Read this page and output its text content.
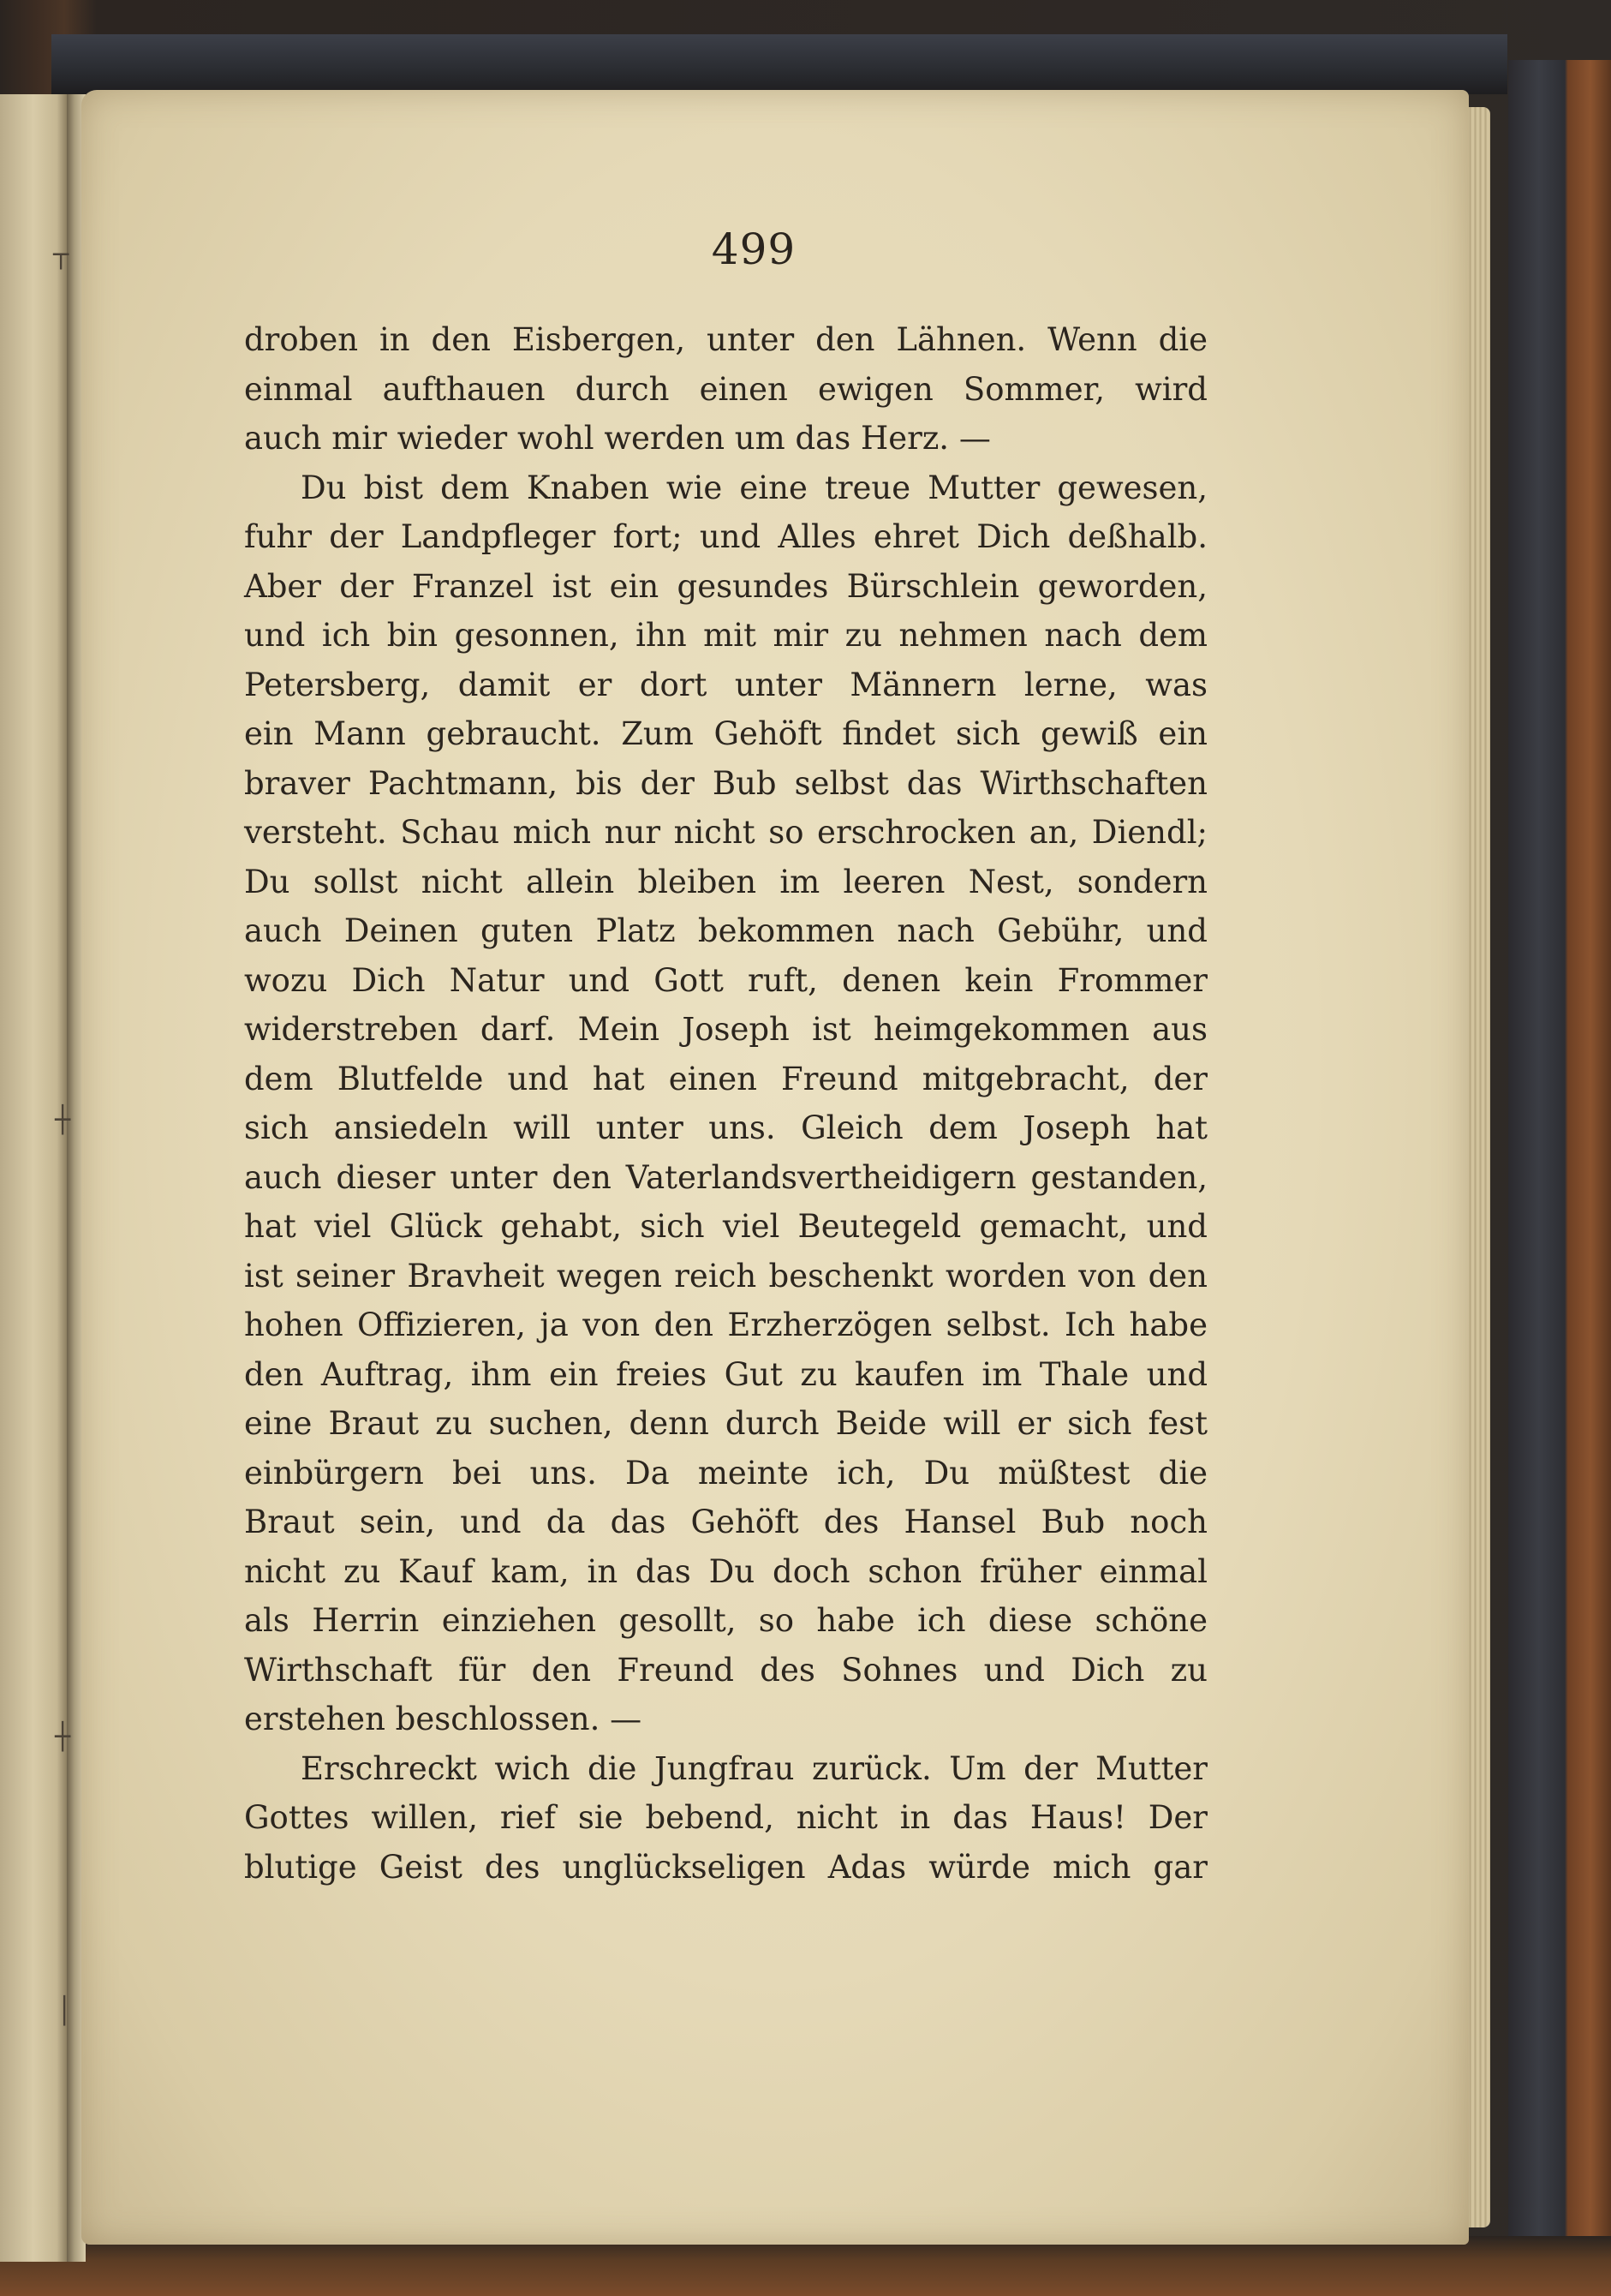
┬
┼
┼
│
499
droben in den Eisbergen, unter den Lähnen. Wenn die
einmal aufthauen durch einen ewigen Sommer, wird
auch mir wieder wohl werden um das Herz. —
Du bist dem Knaben wie eine treue Mutter gewesen,
fuhr der Landpfleger fort; und Alles ehret Dich deßhalb.
Aber der Franzel ist ein gesundes Bürschlein geworden,
und ich bin gesonnen, ihn mit mir zu nehmen nach dem
Petersberg, damit er dort unter Männern lerne, was
ein Mann gebraucht. Zum Gehöft findet sich gewiß ein
braver Pachtmann, bis der Bub selbst das Wirthschaften
versteht. Schau mich nur nicht so erschrocken an, Diendl;
Du sollst nicht allein bleiben im leeren Nest, sondern
auch Deinen guten Platz bekommen nach Gebühr, und
wozu Dich Natur und Gott ruft, denen kein Frommer
widerstreben darf. Mein Joseph ist heimgekommen aus
dem Blutfelde und hat einen Freund mitgebracht, der
sich ansiedeln will unter uns. Gleich dem Joseph hat
auch dieser unter den Vaterlandsvertheidigern gestanden,
hat viel Glück gehabt, sich viel Beutegeld gemacht, und
ist seiner Bravheit wegen reich beschenkt worden von den
hohen Offizieren, ja von den Erzherzögen selbst. Ich habe
den Auftrag, ihm ein freies Gut zu kaufen im Thale und
eine Braut zu suchen, denn durch Beide will er sich fest
einbürgern bei uns. Da meinte ich, Du müßtest die
Braut sein, und da das Gehöft des Hansel Bub noch
nicht zu Kauf kam, in das Du doch schon früher einmal
als Herrin einziehen gesollt, so habe ich diese schöne
Wirthschaft für den Freund des Sohnes und Dich zu
erstehen beschlossen. —
Erschreckt wich die Jungfrau zurück. Um der Mutter
Gottes willen, rief sie bebend, nicht in das Haus! Der
blutige Geist des unglückseligen Adas würde mich gar
